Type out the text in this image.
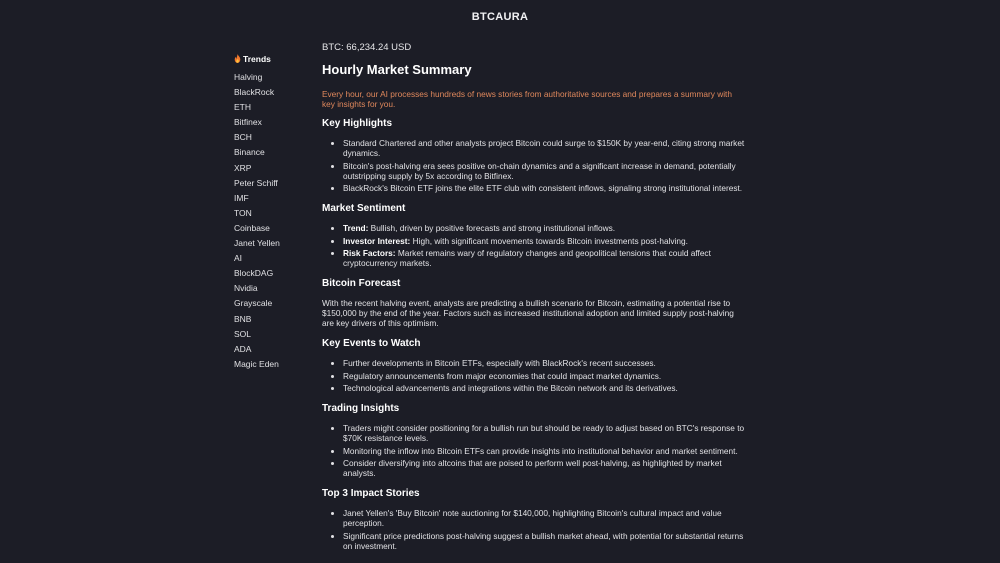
BTCAURA
Trends
Halving
BlackRock
ETH
Bitfinex
BCH
Binance
XRP
Peter Schiff
IMF
TON
Coinbase
Janet Yellen
AI
BlockDAG
Nvidia
Grayscale
BNB
SOL
ADA
Magic Eden
BTC: 66,234.24 USD
Hourly Market Summary

Every hour, our AI processes hundreds of news stories from authoritative sources and prepares a summary with key insights for you.

Key Highlights
• Standard Chartered and other analysts project Bitcoin could surge to $150K by year-end, citing strong market dynamics.
• Bitcoin's post-halving era sees positive on-chain dynamics and a significant increase in demand, potentially outstripping supply by 5x according to Bitfinex.
• BlackRock's Bitcoin ETF joins the elite ETF club with consistent inflows, signaling strong institutional interest.
Market Sentiment
• Trend: Bullish, driven by positive forecasts and strong institutional inflows.
• Investor Interest: High, with significant movements towards Bitcoin investments post-halving.
• Risk Factors: Market remains wary of regulatory changes and geopolitical tensions that could affect cryptocurrency markets.
Bitcoin Forecast

With the recent halving event, analysts are predicting a bullish scenario for Bitcoin, estimating a potential rise to $150,000 by the end of the year. Factors such as increased institutional adoption and limited supply post-halving are key drivers of this optimism.

Key Events to Watch
• Further developments in Bitcoin ETFs, especially with BlackRock's recent successes.
• Regulatory announcements from major economies that could impact market dynamics.
• Technological advancements and integrations within the Bitcoin network and its derivatives.
Trading Insights
• Traders might consider positioning for a bullish run but should be ready to adjust based on BTC's response to $70K resistance levels.
• Monitoring the inflow into Bitcoin ETFs can provide insights into institutional behavior and market sentiment.
• Consider diversifying into altcoins that are poised to perform well post-halving, as highlighted by market analysts.
Top 3 Impact Stories
• Janet Yellen's 'Buy Bitcoin' note auctioning for $140,000, highlighting Bitcoin's cultural impact and value perception.
• Significant price predictions post-halving suggest a bullish market ahead, with potential for substantial returns on investment.
